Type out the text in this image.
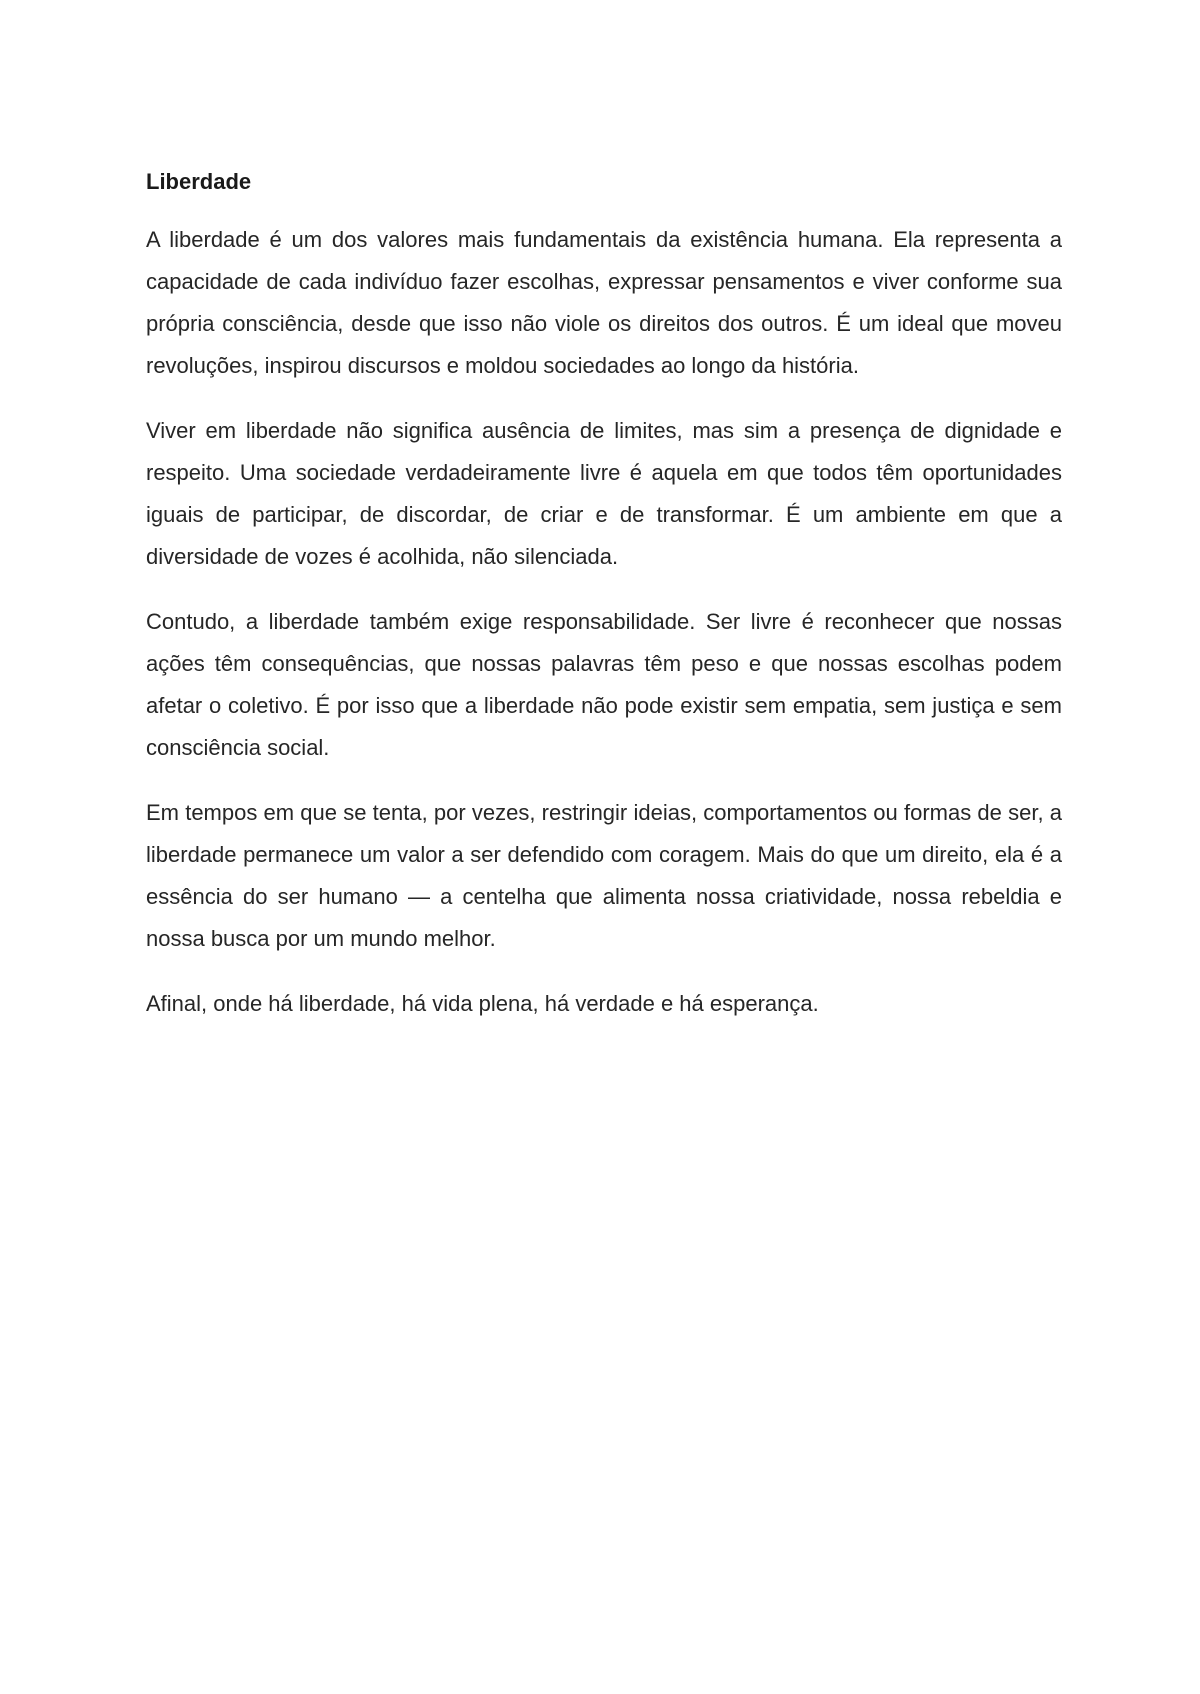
Liberdade

A liberdade é um dos valores mais fundamentais da existência humana. Ela representa a capacidade de cada indivíduo fazer escolhas, expressar pensamentos e viver conforme sua própria consciência, desde que isso não viole os direitos dos outros. É um ideal que moveu revoluções, inspirou discursos e moldou sociedades ao longo da história.

Viver em liberdade não significa ausência de limites, mas sim a presença de dignidade e respeito. Uma sociedade verdadeiramente livre é aquela em que todos têm oportunidades iguais de participar, de discordar, de criar e de transformar. É um ambiente em que a diversidade de vozes é acolhida, não silenciada.

Contudo, a liberdade também exige responsabilidade. Ser livre é reconhecer que nossas ações têm consequências, que nossas palavras têm peso e que nossas escolhas podem afetar o coletivo. É por isso que a liberdade não pode existir sem empatia, sem justiça e sem consciência social.

Em tempos em que se tenta, por vezes, restringir ideias, comportamentos ou formas de ser, a liberdade permanece um valor a ser defendido com coragem. Mais do que um direito, ela é a essência do ser humano — a centelha que alimenta nossa criatividade, nossa rebeldia e nossa busca por um mundo melhor.

Afinal, onde há liberdade, há vida plena, há verdade e há esperança.
